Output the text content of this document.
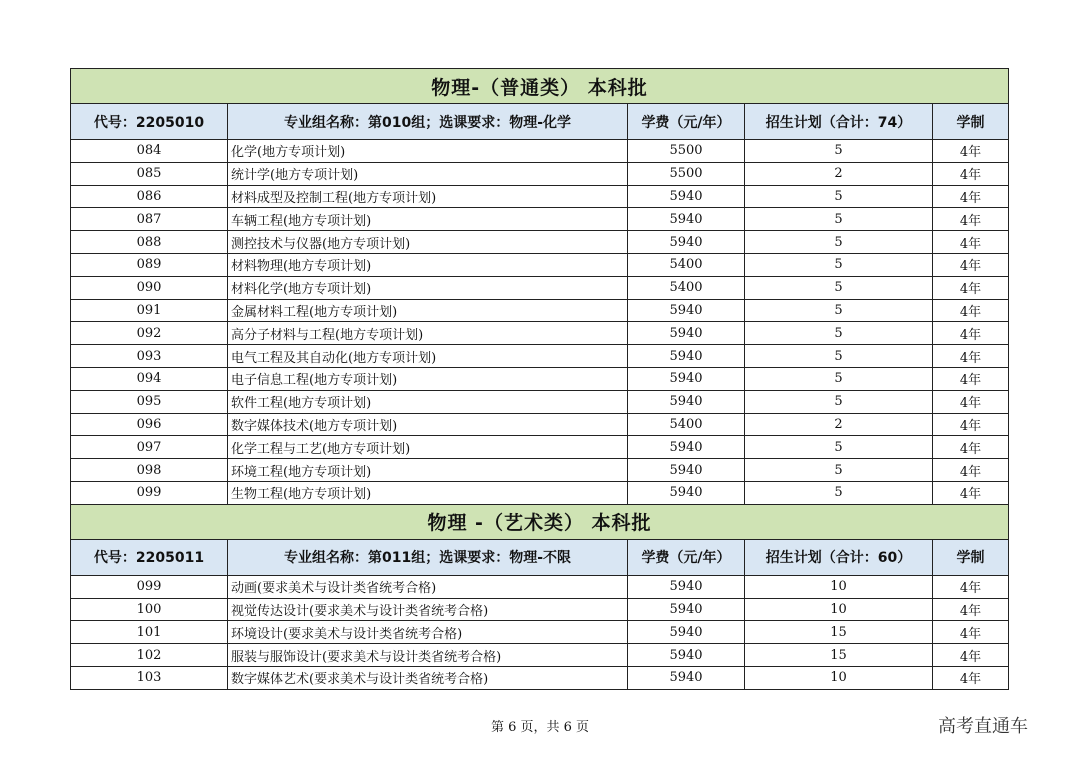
物理-（普通类） 本科批				
代号：2205010	专业组名称：第010组；选课要求：物理-化学	学费（元/年）	招生计划（合计：74）	学制
084	化学(地方专项计划)	5500	5	4年
085	统计学(地方专项计划)	5500	2	4年
086	材料成型及控制工程(地方专项计划)	5940	5	4年
087	车辆工程(地方专项计划)	5940	5	4年
088	测控技术与仪器(地方专项计划)	5940	5	4年
089	材料物理(地方专项计划)	5400	5	4年
090	材料化学(地方专项计划)	5400	5	4年
091	金属材料工程(地方专项计划)	5940	5	4年
092	高分子材料与工程(地方专项计划)	5940	5	4年
093	电气工程及其自动化(地方专项计划)	5940	5	4年
094	电子信息工程(地方专项计划)	5940	5	4年
095	软件工程(地方专项计划)	5940	5	4年
096	数字媒体技术(地方专项计划)	5400	2	4年
097	化学工程与工艺(地方专项计划)	5940	5	4年
098	环境工程(地方专项计划)	5940	5	4年
099	生物工程(地方专项计划)	5940	5	4年
物理 -（艺术类） 本科批				
代号：2205011	专业组名称：第011组；选课要求：物理-不限	学费（元/年）	招生计划（合计：60）	学制
099	动画(要求美术与设计类省统考合格)	5940	10	4年
100	视觉传达设计(要求美术与设计类省统考合格)	5940	10	4年
101	环境设计(要求美术与设计类省统考合格)	5940	15	4年
102	服装与服饰设计(要求美术与设计类省统考合格)	5940	15	4年
103	数字媒体艺术(要求美术与设计类省统考合格)	5940	10	4年
第 6 页，共 6 页	高考直通车
